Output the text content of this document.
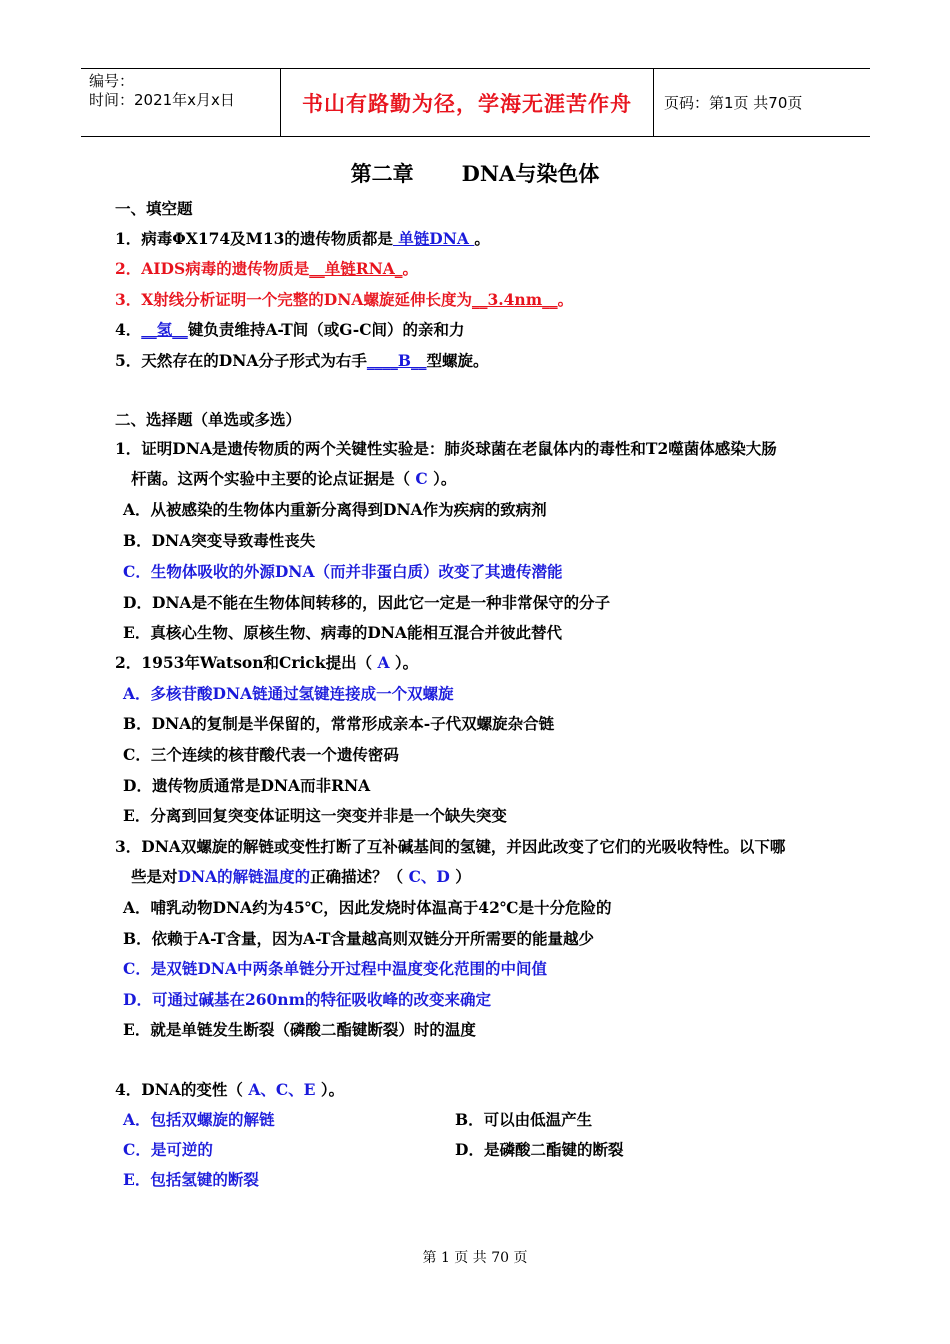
编号：
时间：2021年x月x日	书山有路勤为径，学海无涯苦作舟	页码：第1页 共70页
第二章 DNA与染色体
一、填空题
1．病毒ΦX174及M13的遗传物质都是 单链DNA 。
2．AIDS病毒的遗传物质是__单链RNA_。
3．X射线分析证明一个完整的DNA螺旋延伸长度为__3.4nm__。
4．__氢__键负责维持A-T间（或G-C间）的亲和力
5．天然存在的DNA分子形式为右手____B__型螺旋。
二、选择题（单选或多选）
1．证明DNA是遗传物质的两个关键性实验是：肺炎球菌在老鼠体内的毒性和T2噬菌体感染大肠
杆菌。这两个实验中主要的论点证据是（ C ）。
A．从被感染的生物体内重新分离得到DNA作为疾病的致病剂
B．DNA突变导致毒性丧失
C．生物体吸收的外源DNA（而并非蛋白质）改变了其遗传潜能
D．DNA是不能在生物体间转移的，因此它一定是一种非常保守的分子
E．真核心生物、原核生物、病毒的DNA能相互混合并彼此替代
2．1953年Watson和Crick提出（ A ）。
A．多核苷酸DNA链通过氢键连接成一个双螺旋
B．DNA的复制是半保留的，常常形成亲本-子代双螺旋杂合链
C．三个连续的核苷酸代表一个遗传密码
D．遗传物质通常是DNA而非RNA
E．分离到回复突变体证明这一突变并非是一个缺失突变
3．DNA双螺旋的解链或变性打断了互补碱基间的氢键，并因此改变了它们的光吸收特性。以下哪
些是对DNA的解链温度的正确描述？（ C、D ）
A．哺乳动物DNA约为45℃，因此发烧时体温高于42℃是十分危险的
B．依赖于A-T含量，因为A-T含量越高则双链分开所需要的能量越少
C．是双链DNA中两条单链分开过程中温度变化范围的中间值
D．可通过碱基在260nm的特征吸收峰的改变来确定
E．就是单链发生断裂（磷酸二酯键断裂）时的温度
4．DNA的变性（ A、C、E ）。
A．包括双螺旋的解链	B．可以由低温产生
C．是可逆的	D．是磷酸二酯键的断裂
E．包括氢键的断裂
第 1 页 共 70 页
